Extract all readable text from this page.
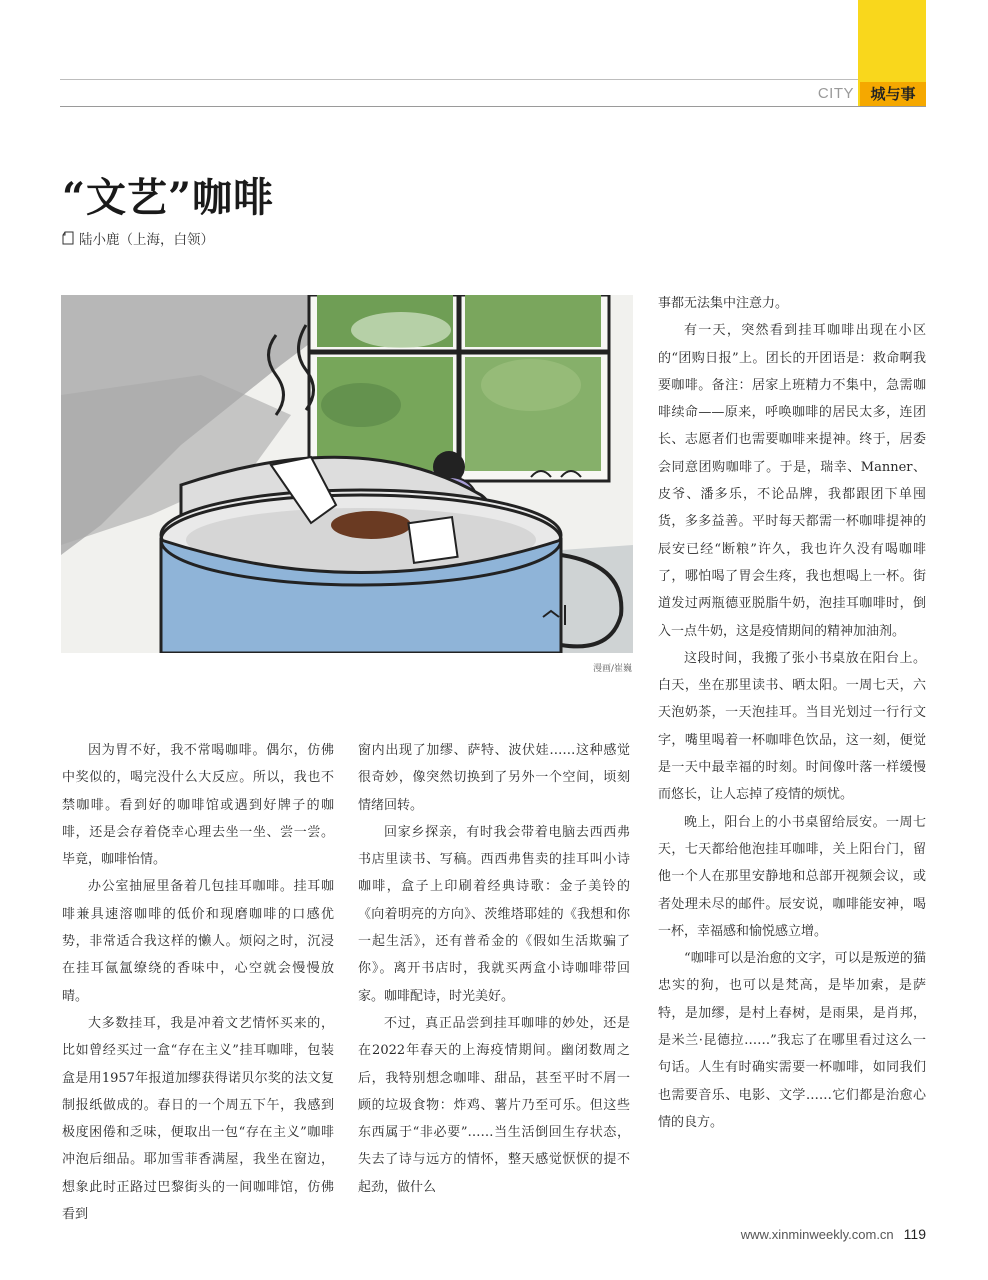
CITY	城与事
“文艺”咖啡
陆小鹿（上海，白领）
漫画/崔巍

因为胃不好，我不常喝咖啡。偶尔，仿佛中奖似的，喝完没什么大反应。所以，我也不禁咖啡。看到好的咖啡馆或遇到好牌子的咖啡，还是会存着侥幸心理去坐一坐、尝一尝。毕竟，咖啡怡情。

办公室抽屉里备着几包挂耳咖啡。挂耳咖啡兼具速溶咖啡的低价和现磨咖啡的口感优势，非常适合我这样的懒人。烦闷之时，沉浸在挂耳氤氲缭绕的香味中，心空就会慢慢放晴。

大多数挂耳，我是冲着文艺情怀买来的，比如曾经买过一盒“存在主义”挂耳咖啡，包装盒是用1957年报道加缪获得诺贝尔奖的法文复制报纸做成的。春日的一个周五下午，我感到极度困倦和乏味，便取出一包“存在主义”咖啡冲泡后细品。耶加雪菲香满屋，我坐在窗边，想象此时正路过巴黎街头的一间咖啡馆，仿佛看到

窗内出现了加缪、萨特、波伏娃……这种感觉很奇妙，像突然切换到了另外一个空间，顷刻情绪回转。

回家乡探亲，有时我会带着电脑去西西弗书店里读书、写稿。西西弗售卖的挂耳叫小诗咖啡，盒子上印刷着经典诗歌：金子美铃的《向着明亮的方向》、茨维塔耶娃的《我想和你一起生活》，还有普希金的《假如生活欺骗了你》。离开书店时，我就买两盒小诗咖啡带回家。咖啡配诗，时光美好。

不过，真正品尝到挂耳咖啡的妙处，还是在2022年春天的上海疫情期间。幽闭数周之后，我特别想念咖啡、甜品，甚至平时不屑一顾的垃圾食物：炸鸡、薯片乃至可乐。但这些东西属于“非必要”……当生活倒回生存状态，失去了诗与远方的情怀，整天感觉恹恹的提不起劲，做什么

事都无法集中注意力。

有一天，突然看到挂耳咖啡出现在小区的“团购日报”上。团长的开团语是：救命啊我要咖啡。备注：居家上班精力不集中，急需咖啡续命——原来，呼唤咖啡的居民太多，连团长、志愿者们也需要咖啡来提神。终于，居委会同意团购咖啡了。于是，瑞幸、Manner、皮爷、潘多乐，不论品牌，我都跟团下单囤货，多多益善。平时每天都需一杯咖啡提神的辰安已经“断粮”许久，我也许久没有喝咖啡了，哪怕喝了胃会生疼，我也想喝上一杯。街道发过两瓶德亚脱脂牛奶，泡挂耳咖啡时，倒入一点牛奶，这是疫情期间的精神加油剂。

这段时间，我搬了张小书桌放在阳台上。白天，坐在那里读书、晒太阳。一周七天，六天泡奶茶，一天泡挂耳。当目光划过一行行文字，嘴里喝着一杯咖啡色饮品，这一刻，便觉是一天中最幸福的时刻。时间像叶落一样缓慢而悠长，让人忘掉了疫情的烦忧。

晚上，阳台上的小书桌留给辰安。一周七天，七天都给他泡挂耳咖啡，关上阳台门，留他一个人在那里安静地和总部开视频会议，或者处理未尽的邮件。辰安说，咖啡能安神，喝一杯，幸福感和愉悦感立增。

“咖啡可以是治愈的文字，可以是叛逆的猫忠实的狗，也可以是梵高，是毕加索，是萨特，是加缪，是村上春树，是雨果，是肖邦，是米兰·昆德拉……”我忘了在哪里看过这么一句话。人生有时确实需要一杯咖啡，如同我们也需要音乐、电影、文学……它们都是治愈心情的良方。

www.xinminweekly.com.cn 119
